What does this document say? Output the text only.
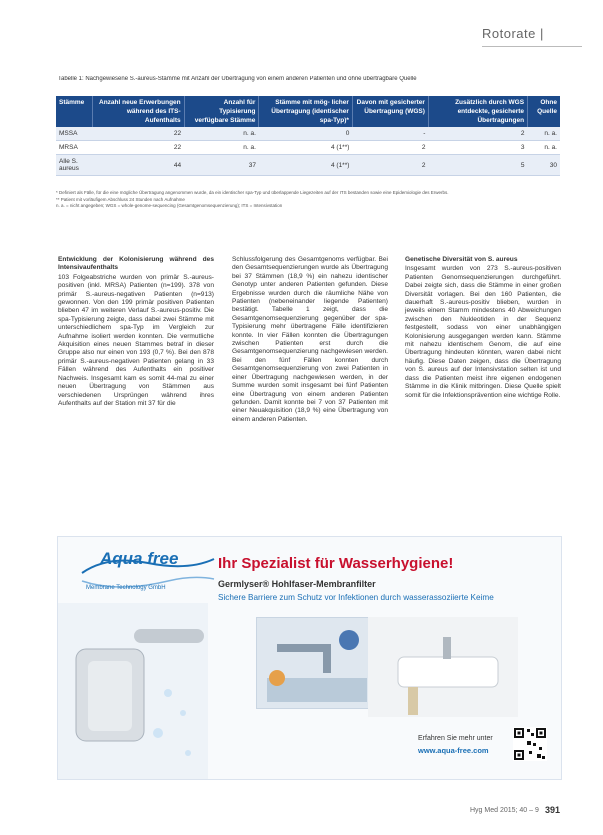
Rotorate |
Tabelle 1: Nachgewiesene S.-aureus-Stämme mit Anzahl der Übertragung von einem anderen Patienten und ohne übertragbare Quelle
Stämme	Anzahl neue Erwerbungen während des ITS-Aufenthalts	Anzahl für Typisierung verfügbare Stämme	Stämme mit mög- licher Übertragung (identischer spa-Typ)*	Davon mit gesicherter Übertragung (WGS)	Zusätzlich durch WGS entdeckte, gesicherte Übertragungen	Ohne Quelle
MSSA	22	n. a.	0	-	2	n. a.
MRSA	22	n. a.	4 (1**)	2	3	n. a.
Alle S. aureus	44	37	4 (1**)	2	5	30
* Definiert als Fälle, für die eine mögliche Übertragung angenommen wurde, da ein identischer spa-Typ und überlappende Liegezeiten auf der ITS bestanden sowie eine Epidemiologie des Erwerbs.
** Patient mit vorläufigem Abschluss 24 Stunden nach Aufnahme
n. a. = nicht angegeben; WGS = whole-genome-sequencing (Gesamtgenomsequenzierung); ITS = Intensivstation

Entwicklung der Kolonisierung während des Intensivaufenthalts

103 Folgeabstriche wurden von primär S.-aureus-positiven (inkl. MRSA) Patienten (n=199). 378 von primär S.-aureus-negativen Patienten (n=913) gewonnen. Von den 199 primär positiven Patienten blieben 47 im weiteren Verlauf S.-aureus-positiv. Die spa-Typisierung zeigte, dass dabei zwei Stämme mit unterschiedlichem spa-Typ im Vergleich zur Aufnahme isoliert werden konnten. Die vermutliche Akquisition eines neuen Stammes betraf in dieser Gruppe also nur einen von 193 (0,7 %). Bei den 878 primär S.-aureus-negativen Patienten gelang in 33 Fällen während des Aufenthalts ein positiver Nachweis. Insgesamt kam es somit 44-mal zu einer neuen Übertragung von Stämmen aus verschiedenen Ursprüngen während ihres Aufenthalts auf der Station mit 37 für die

Schlussfolgerung des Gesamtgenoms verfügbar. Bei den Gesamtsequenzierungen wurde als Übertragung bei 37 Stämmen (18,9 %) ein nahezu identischer Genotyp unter anderen Patienten gefunden. Diese Ergebnisse wurden durch die räumliche Nähe von Patienten (nebeneinander liegende Patienten) bestätigt. Tabelle 1 zeigt, dass die Gesamtgenomsequenzierung gegenüber der spa-Typisierung mehr übertragene Fälle identifizieren konnte. In vier Fällen konnten die Übertragungen zwischen Patienten erst durch die Gesamtgenomsequenzierung nachgewiesen werden. Bei den fünf Fällen konnten durch Gesamtgenomsequenzierung von zwei Patienten in einer Übertragung nachgewiesen werden, in der Summe wurden somit insgesamt bei fünf Patienten eine Übertragung von einem anderen Patienten gefunden. Damit konnte bei 7 von 37 Patienten mit einer Neuakquisition (18,9 %) eine Übertragung von einem anderen Patienten.

Genetische Diversität von S. aureus

Insgesamt wurden von 273 S.-aureus-positiven Patienten Genomsequenzierungen durchgeführt. Dabei zeigte sich, dass die Stämme in einer großen Diversität vorlagen. Bei den 160 Patienten, die dauerhaft S.-aureus-positiv blieben, wurden in jeweils einem Stamm mindestens 40 Abweichungen zwischen den Nukleotiden in der Sequenz festgestellt, sodass von einer unabhängigen Kolonisierung ausgegangen werden kann. Stämme mit nahezu identischem Genom, die auf eine Übertragung hindeuten könnten, waren dabei nicht häufig. Diese Daten zeigen, dass die Übertragung von S. aureus auf der Intensivstation selten ist und dass die Patienten meist ihre eigenen endogenen Stämme in die Klinik mitbringen. Diese Quelle spielt somit für die Infektionsprävention eine wichtige Rolle.

Aqua free
Membrane Technology GmbH
Ihr Spezialist für Wasserhygiene!
Germlyser® Hohlfaser-Membranfilter
Sichere Barriere zum Schutz vor Infektionen durch wasserassoziierte Keime
Erfahren Sie mehr unter
www.aqua-free.com
Hyg Med 2015; 40 – 9 391
